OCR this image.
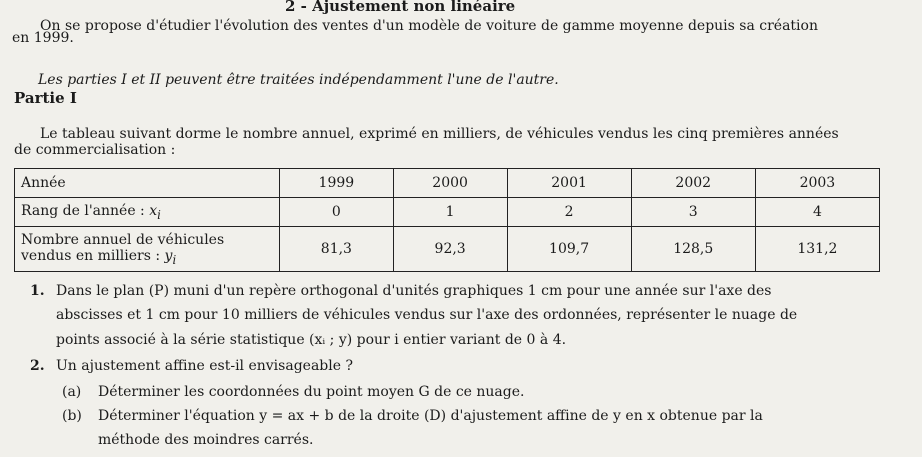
2 - Ajustement non linéaire
On se propose d'étudier l'évolution des ventes d'un modèle de voiture de gamme moyenne depuis sa création
en 1999.
Les parties I et II peuvent être traitées indépendamment l'une de l'autre.
Partie I
Le tableau suivant dorme le nombre annuel, exprimé en milliers, de véhicules vendus les cinq premières années
de commercialisation :
Année	1999	2000	2001	2002	2003
Rang de l'année : $x_i$	0	1	2	3	4

Nombre annuel de véhicules
vendus en milliers : $y_i$	81,3	92,3	109,7	128,5	131,2
1. Dans le plan (P) muni d'un repère orthogonal d'unités graphiques 1 cm pour une année sur l'axe des
abscisses et 1 cm pour 10 milliers de véhicules vendus sur l'axe des ordonnées, représenter le nuage de
points associé à la série statistique (xᵢ ; y) pour i entier variant de 0 à 4.
2. Un ajustement affine est-il envisageable ?
(a) Déterminer les coordonnées du point moyen G de ce nuage.
(b) Déterminer l'équation y = ax + b de la droite (D) d'ajustement affine de y en x obtenue par la
méthode des moindres carrés.
